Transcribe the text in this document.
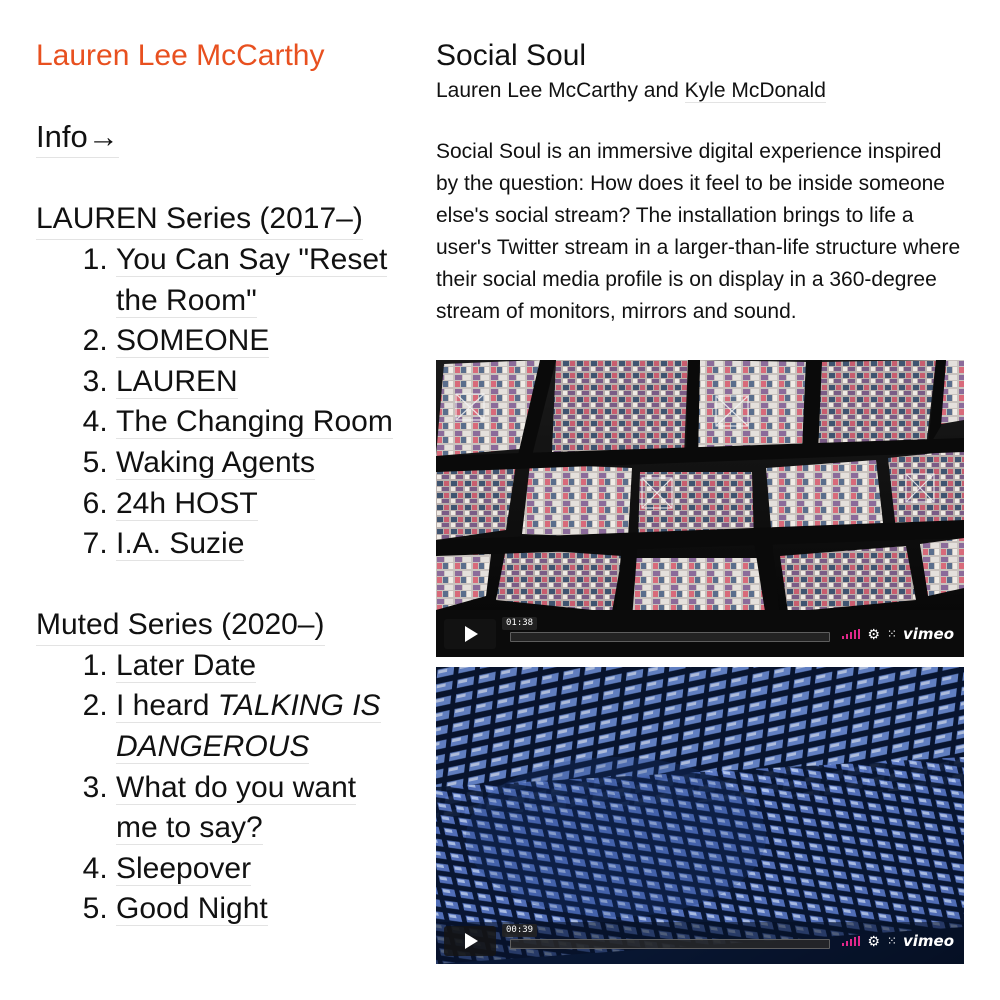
Lauren Lee McCarthy
Info→
LAUREN Series (2017–)
1. You Can Say "Reset the Room"
2. SOMEONE
3. LAUREN
4. The Changing Room
5. Waking Agents
6. 24h HOST
7. I.A. Suzie
Muted Series (2020–)
1. Later Date
2. I heard TALKING IS DANGEROUS
3. What do you want me to say?
4. Sleepover
5. Good Night
Social Soul

Lauren Lee McCarthy and Kyle McDonald

Social Soul is an immersive digital experience inspired by the question: How does it feel to be inside someone else's social stream? The installation brings to life a user's Twitter stream in a larger-than-life structure where their social media profile is on display in a 360-degree stream of monitors, mirrors and sound.

01:38
⚙ ⁙ vimeo
00:39
⚙ ⁙ vimeo
